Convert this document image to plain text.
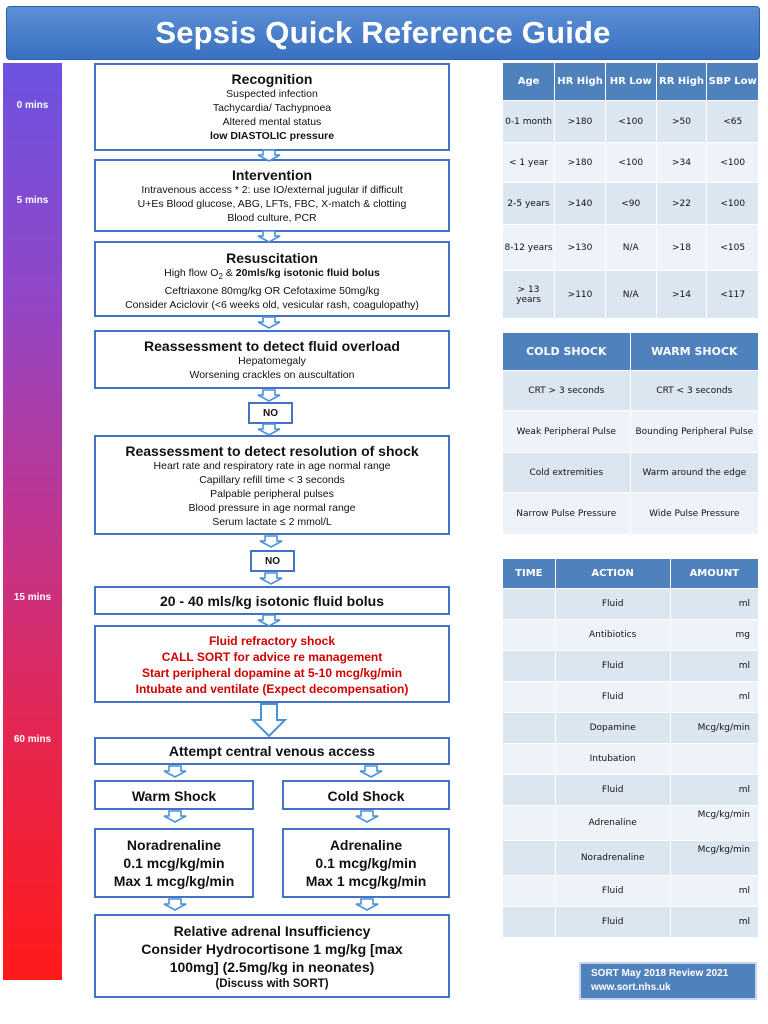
Sepsis Quick Reference Guide
0 mins
5 mins
15 mins
60 mins
Recognition
Suspected infection
Tachycardia/ Tachypnoea
Altered mental status
low DIASTOLIC pressure
Intervention
Intravenous access * 2: use IO/external jugular if difficult
U+Es Blood glucose, ABG, LFTs, FBC, X-match & clotting
Blood culture, PCR
Resuscitation
High flow $O_2$ & 20mls/kg isotonic fluid bolus
Ceftriaxone 80mg/kg OR Cefotaxime 50mg/kg
Consider Aciclovir (<6 weeks old, vesicular rash, coagulopathy)
Reassessment to detect fluid overload
Hepatomegaly
Worsening crackles on auscultation
NO
Reassessment to detect resolution of shock
Heart rate and respiratory rate in age normal range
Capillary refill time < 3 seconds
Palpable peripheral pulses
Blood pressure in age normal range
Serum lactate ≤ 2 mmol/L
NO
20 - 40 mls/kg isotonic fluid bolus
Fluid refractory shock
CALL SORT for advice re management
Start peripheral dopamine at 5-10 mcg/kg/min
Intubate and ventilate (Expect decompensation)
Attempt central venous access
Warm Shock	Cold Shock
Noradrenaline
0.1 mcg/kg/min
Max 1 mcg/kg/min
Adrenaline
0.1 mcg/kg/min
Max 1 mcg/kg/min
Relative adrenal Insufficiency
Consider Hydrocortisone 1 mg/kg [max
100mg] (2.5mg/kg in neonates)
(Discuss with SORT)
Age	HR High	HR Low	RR High	SBP Low
0-1 month	>180	<100	>50	<65
< 1 year	>180	<100	>34	<100
2-5 years	>140	<90	>22	<100
8-12 years	>130	N/A	>18	<105
> 13 years	>110	N/A	>14	<117
COLD SHOCK	WARM SHOCK
CRT > 3 seconds	CRT < 3 seconds
Weak Peripheral Pulse	Bounding Peripheral Pulse
Cold extremities	Warm around the edge
Narrow Pulse Pressure	Wide Pulse Pressure
TIME	ACTION	AMOUNT
	Fluid	ml
	Antibiotics	mg
	Fluid	ml
	Fluid	ml
	Dopamine	Mcg/kg/min
	Intubation	
	Fluid	ml
	Adrenaline	Mcg/kg/min
	Noradrenaline	Mcg/kg/min
	Fluid	ml
	Fluid	ml
SORT May 2018 Review 2021
www.sort.nhs.uk
